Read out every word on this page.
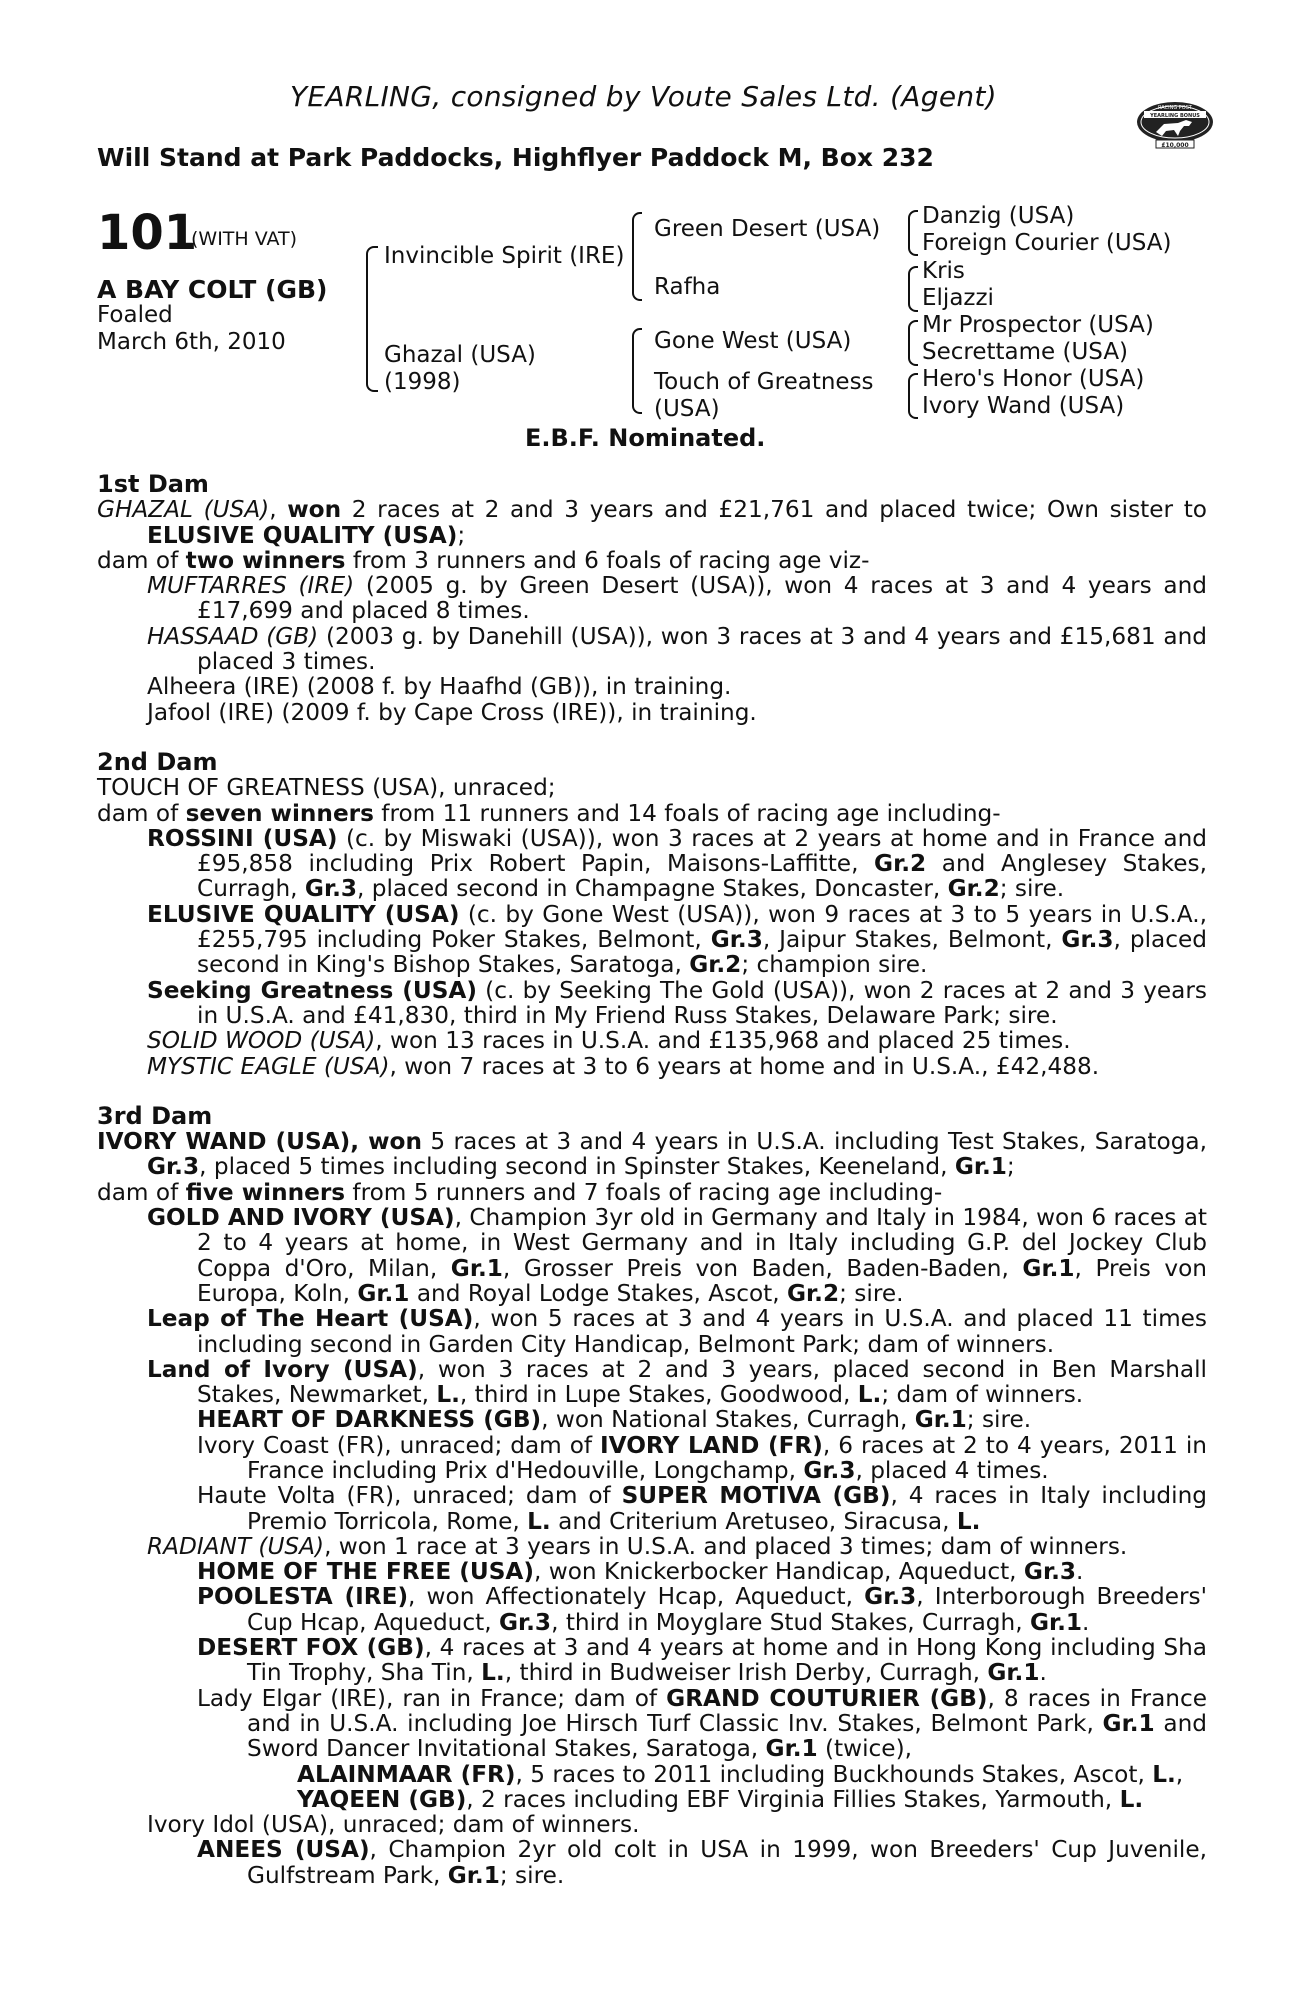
YEARLING, consigned by Voute Sales Ltd. (Agent)
Will Stand at Park Paddocks, Highflyer Paddock M, Box 232
RACING POST
YEARLING BONUS
£10,000
101
(WITH VAT)
A BAY COLT (GB)
Foaled
March 6th, 2010
Invincible Spirit (IRE)
Ghazal (USA)
(1998)
Green Desert (USA)
Rafha
Gone West (USA)
Touch of Greatness
(USA)
Danzig (USA)
Foreign Courier (USA)
Kris
Eljazzi
Mr Prospector (USA)
Secrettame (USA)
Hero's Honor (USA)
Ivory Wand (USA)
E.B.F. Nominated.
1st Dam

GHAZAL (USA), won 2 races at 2 and 3 years and £21,761 and placed twice; Own sister to ELUSIVE QUALITY (USA);

dam of two winners from 3 runners and 6 foals of racing age viz-

MUFTARRES (IRE) (2005 g. by Green Desert (USA)), won 4 races at 3 and 4 years and £17,699 and placed 8 times.

HASSAAD (GB) (2003 g. by Danehill (USA)), won 3 races at 3 and 4 years and £15,681 and placed 3 times.

Alheera (IRE) (2008 f. by Haafhd (GB)), in training.

Jafool (IRE) (2009 f. by Cape Cross (IRE)), in training.

2nd Dam

TOUCH OF GREATNESS (USA), unraced;

dam of seven winners from 11 runners and 14 foals of racing age including-

ROSSINI (USA) (c. by Miswaki (USA)), won 3 races at 2 years at home and in France and £95,858 including Prix Robert Papin, Maisons-Laffitte, Gr.2 and Anglesey Stakes, Curragh, Gr.3, placed second in Champagne Stakes, Doncaster, Gr.2; sire.

ELUSIVE QUALITY (USA) (c. by Gone West (USA)), won 9 races at 3 to 5 years in U.S.A., £255,795 including Poker Stakes, Belmont, Gr.3, Jaipur Stakes, Belmont, Gr.3, placed second in King's Bishop Stakes, Saratoga, Gr.2; champion sire.

Seeking Greatness (USA) (c. by Seeking The Gold (USA)), won 2 races at 2 and 3 years in U.S.A. and £41,830, third in My Friend Russ Stakes, Delaware Park; sire.

SOLID WOOD (USA), won 13 races in U.S.A. and £135,968 and placed 25 times.

MYSTIC EAGLE (USA), won 7 races at 3 to 6 years at home and in U.S.A., £42,488.

3rd Dam

IVORY WAND (USA), won 5 races at 3 and 4 years in U.S.A. including Test Stakes, Saratoga, Gr.3, placed 5 times including second in Spinster Stakes, Keeneland, Gr.1;

dam of five winners from 5 runners and 7 foals of racing age including-

GOLD AND IVORY (USA), Champion 3yr old in Germany and Italy in 1984, won 6 races at 2 to 4 years at home, in West Germany and in Italy including G.P. del Jockey Club Coppa d'Oro, Milan, Gr.1, Grosser Preis von Baden, Baden-Baden, Gr.1, Preis von Europa, Koln, Gr.1 and Royal Lodge Stakes, Ascot, Gr.2; sire.

Leap of The Heart (USA), won 5 races at 3 and 4 years in U.S.A. and placed 11 times including second in Garden City Handicap, Belmont Park; dam of winners.

Land of Ivory (USA), won 3 races at 2 and 3 years, placed second in Ben Marshall Stakes, Newmarket, L., third in Lupe Stakes, Goodwood, L.; dam of winners.

HEART OF DARKNESS (GB), won National Stakes, Curragh, Gr.1; sire.

Ivory Coast (FR), unraced; dam of IVORY LAND (FR), 6 races at 2 to 4 years, 2011 in France including Prix d'Hedouville, Longchamp, Gr.3, placed 4 times.

Haute Volta (FR), unraced; dam of SUPER MOTIVA (GB), 4 races in Italy including Premio Torricola, Rome, L. and Criterium Aretuseo, Siracusa, L.

RADIANT (USA), won 1 race at 3 years in U.S.A. and placed 3 times; dam of winners.

HOME OF THE FREE (USA), won Knickerbocker Handicap, Aqueduct, Gr.3.

POOLESTA (IRE), won Affectionately Hcap, Aqueduct, Gr.3, Interborough Breeders' Cup Hcap, Aqueduct, Gr.3, third in Moyglare Stud Stakes, Curragh, Gr.1.

DESERT FOX (GB), 4 races at 3 and 4 years at home and in Hong Kong including Sha Tin Trophy, Sha Tin, L., third in Budweiser Irish Derby, Curragh, Gr.1.

Lady Elgar (IRE), ran in France; dam of GRAND COUTURIER (GB), 8 races in France and in U.S.A. including Joe Hirsch Turf Classic Inv. Stakes, Belmont Park, Gr.1 and Sword Dancer Invitational Stakes, Saratoga, Gr.1 (twice),

ALAINMAAR (FR), 5 races to 2011 including Buckhounds Stakes, Ascot, L.,

YAQEEN (GB), 2 races including EBF Virginia Fillies Stakes, Yarmouth, L.

Ivory Idol (USA), unraced; dam of winners.

ANEES (USA), Champion 2yr old colt in USA in 1999, won Breeders' Cup Juvenile, Gulfstream Park, Gr.1; sire.
